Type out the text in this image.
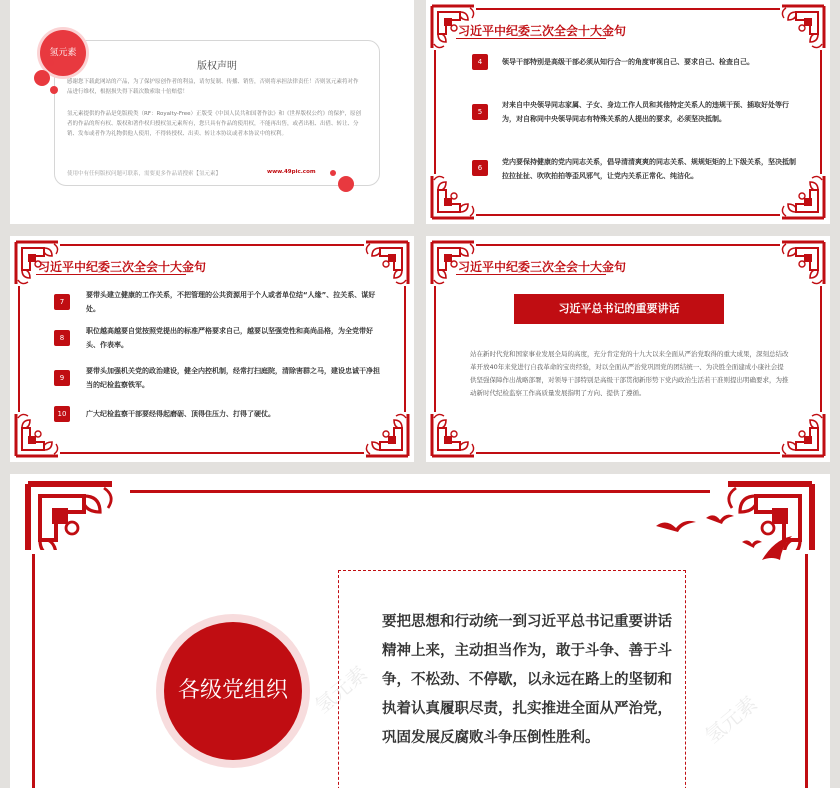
版权声明
感谢您下载此网站的产品，为了保护原创作者的利益，请勿复制、传播、销售，否则将承担法律责任！否则氢元素将对作品进行维权，根据损失得下载次数索取十倍赔偿！
氢元素提供的作品是免版税类（RF：Royalty-Free）正版受《中国人民共和国著作法》和《世界版权公约》的保护，原创者的作品的所有权、版权和著作权归授权氢元素所有，您只具有作品的使用权，不能再出售，或者出租、出借、转让、分销、发布或者作为礼物供他人使用，不得转授权、出卖、转让本协议或者本协议中的权利。
使用中有任何版权问题可联系，需要更多作品请搜索【氢元素】	www.49pic.com
氢元素
习近平中纪委三次全会十大金句
4	领导干部特别是高级干部必须从知行合一的角度审视自己、要求自己、检查自己。
5
对来自中央领导同志家属、子女、身边工作人员和其他特定关系人的违规干预、插取好处等行为，对自称同中央领导同志有特殊关系的人提出的要求，必须坚决抵制。
6
党内要保持健康的党内同志关系，倡导清清爽爽的同志关系、规规矩矩的上下级关系，坚决抵制拉拉扯扯、吹吹拍拍等歪风邪气，让党内关系正常化、纯洁化。
习近平中纪委三次全会十大金句
7
要带头建立健康的工作关系，不把管理的公共资源用于个人或者单位结“人缘”、拉关系、谋好处。
8
职位越高越要自觉按照党提出的标准严格要求自己，越要以坚强党性和高尚品格，为全党带好头、作表率。
9
要带头加强机关党的政治建设，健全内控机制，经常打扫庭院，清除害群之马，建设忠诚干净担当的纪检监察铁军。
10	广大纪检监察干部要经得起磨砺、顶得住压力、打得了硬仗。
习近平中纪委三次全会十大金句
习近平总书记的重要讲话
站在新时代党和国家事业发展全局的高度，充分肯定党的十九大以来全面从严治党取得的重大成果，深刻总结改革开放40年来党进行自我革命的宝贵经验，对以全面从严治党巩固党的团结统一、为决胜全面建成小康社会提供坚强保障作出战略部署，对领导干部特别是高级干部贯彻新形势下党内政治生活若干准则提出明确要求，为推动新时代纪检监察工作高质量发展指明了方向、提供了遵循。
各级党组织
要把思想和行动统一到习近平总书记重要讲话精神上来，主动担当作为，敢于斗争、善于斗争，不松劲、不停歇，以永远在路上的坚韧和执着认真履职尽责，扎实推进全面从严治党，巩固发展反腐败斗争压倒性胜利。
氢元素
氢元素
